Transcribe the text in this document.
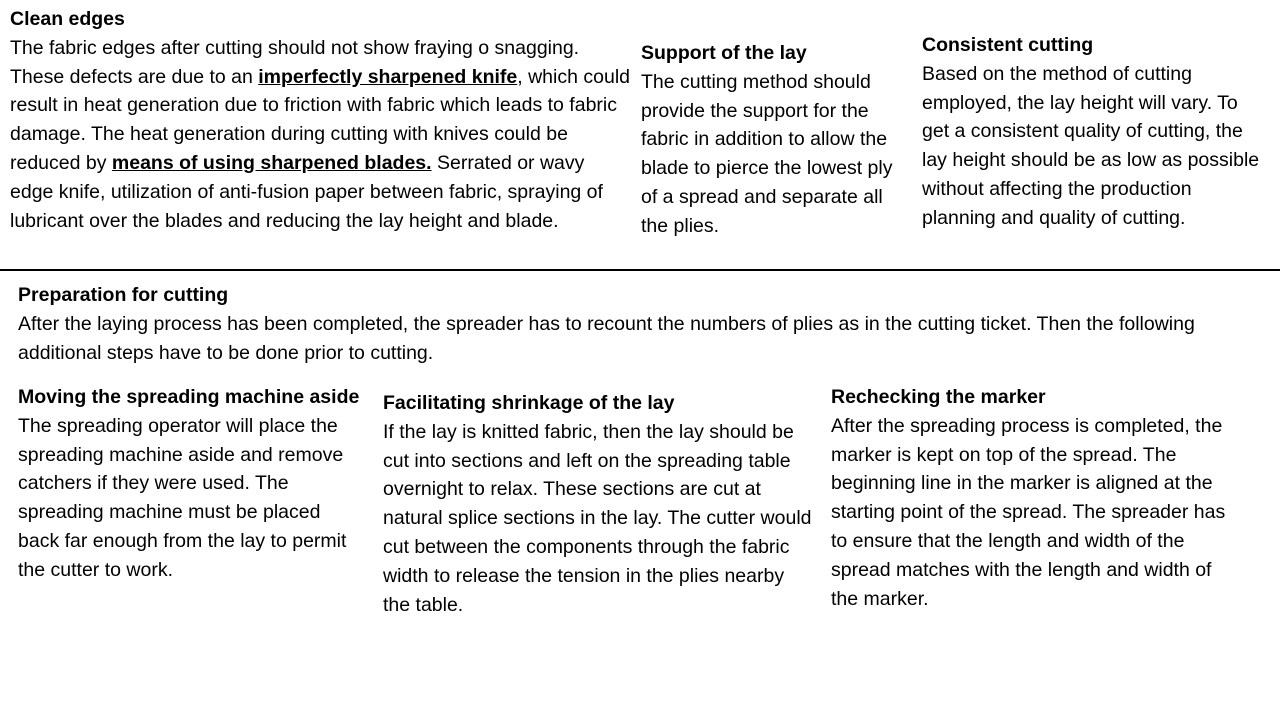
Clean edges

The fabric edges after cutting should not show fraying o snagging. These defects are due to an imperfectly sharpened knife, which could result in heat generation due to friction with fabric which leads to fabric damage. The heat generation during cutting with knives could be reduced by means of using sharpened blades. Serrated or wavy edge knife, utilization of anti-fusion paper between fabric, spraying of lubricant over the blades and reducing the lay height and blade.

Support of the lay

The cutting method should provide the support for the fabric in addition to allow the blade to pierce the lowest ply of a spread and separate all the plies.

Consistent cutting

Based on the method of cutting employed, the lay height will vary. To get a consistent quality of cutting, the lay height should be as low as possible without affecting the production planning and quality of cutting.

Preparation for cutting

After the laying process has been completed, the spreader has to recount the numbers of plies as in the cutting ticket. Then the following additional steps have to be done prior to cutting.

Moving the spreading machine aside

The spreading operator will place the spreading machine aside and remove catchers if they were used. The spreading machine must be placed back far enough from the lay to permit the cutter to work.

Facilitating shrinkage of the lay

If the lay is knitted fabric, then the lay should be cut into sections and left on the spreading table overnight to relax. These sections are cut at natural splice sections in the lay. The cutter would cut between the components through the fabric width to release the tension in the plies nearby the table.

Rechecking the marker

After the spreading process is completed, the marker is kept on top of the spread. The beginning line in the marker is aligned at the starting point of the spread. The spreader has to ensure that the length and width of the spread matches with the length and width of the marker.
